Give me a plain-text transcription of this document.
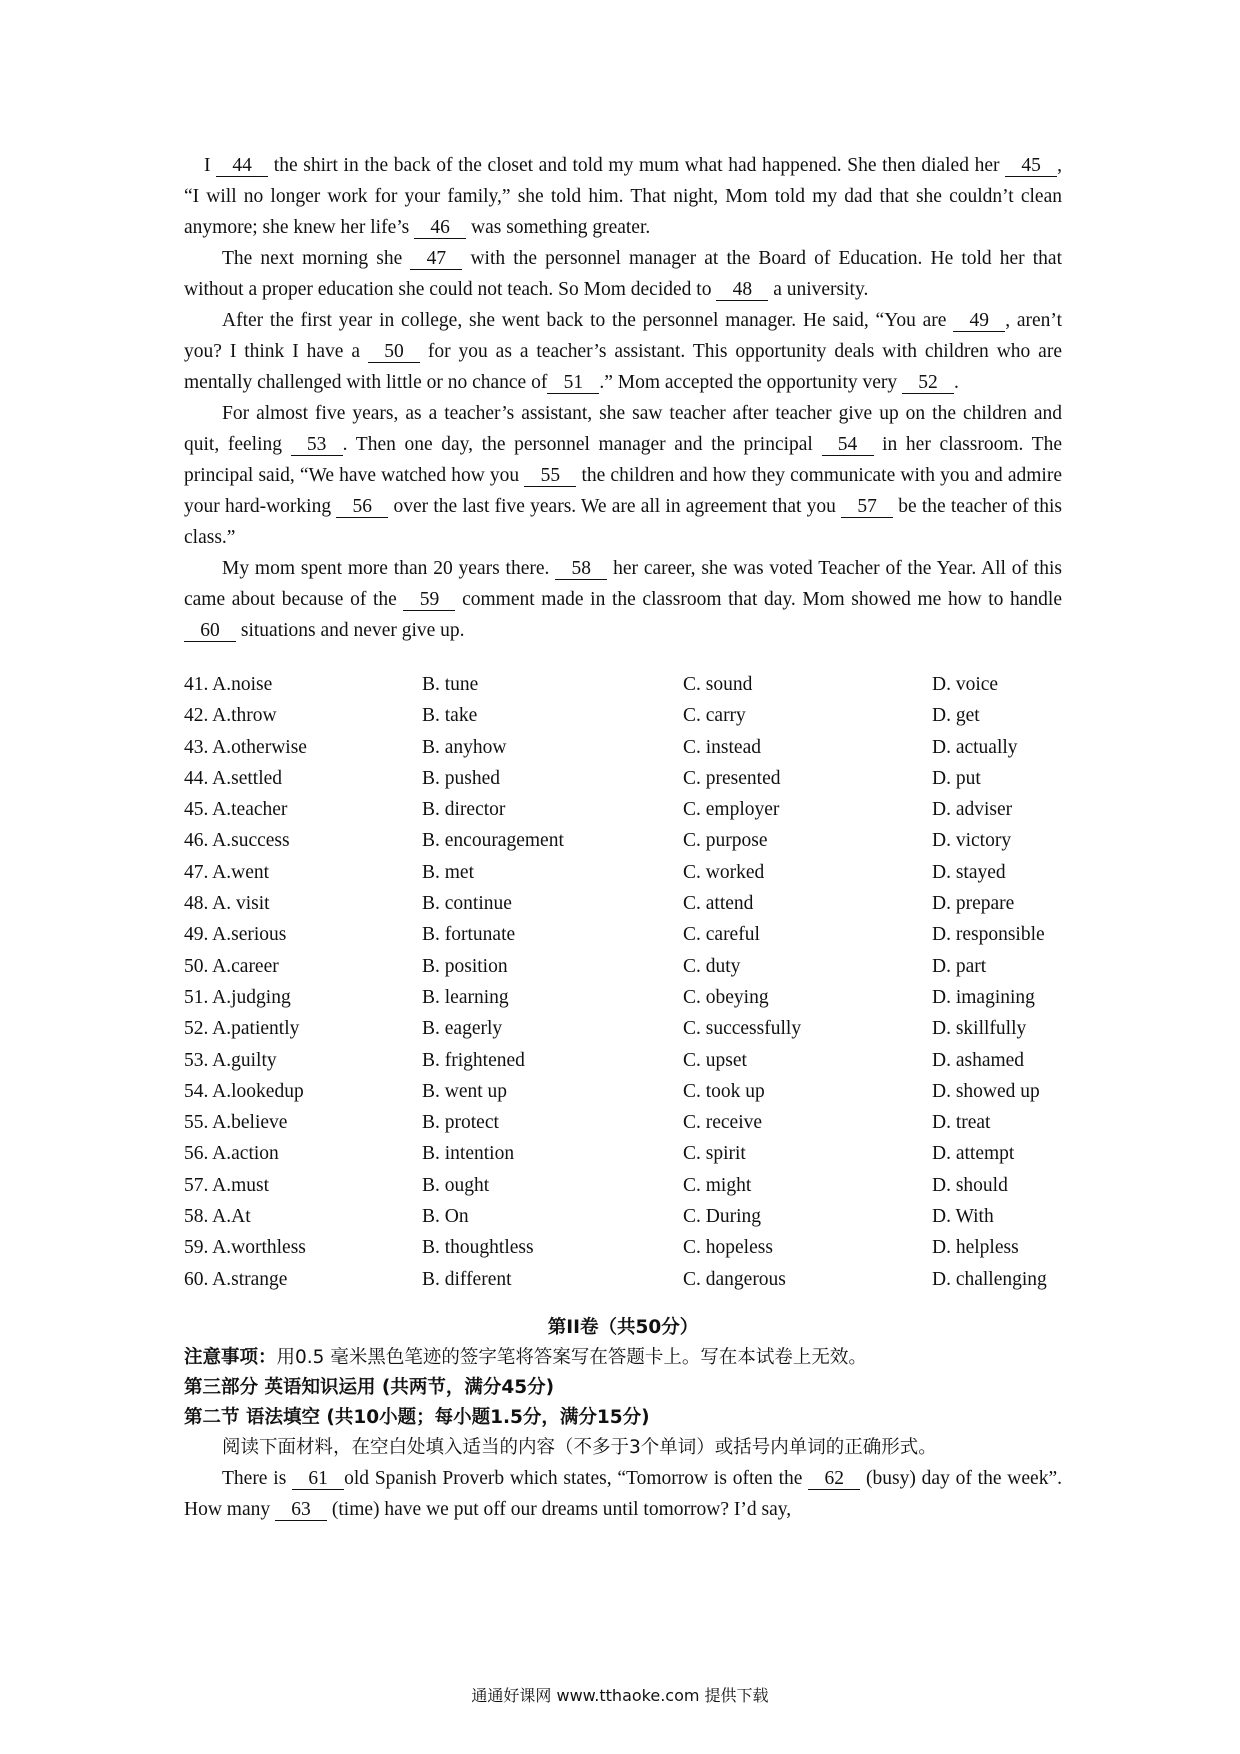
I 44 the shirt in the back of the closet and told my mum what had happened. She then dialed her 45 , “I will no longer work for your family,” she told him. That night, Mom told my dad that she couldn’t clean anymore; she knew her life’s 46 was something greater.

The next morning she 47 with the personnel manager at the Board of Education. He told her that without a proper education she could not teach. So Mom decided to 48 a university.

After the first year in college, she went back to the personnel manager. He said, “You are 49 , aren’t you? I think I have a 50 for you as a teacher’s assistant. This opportunity deals with children who are mentally challenged with little or no chance of 51 .” Mom accepted the opportunity very 52 .

For almost five years, as a teacher’s assistant, she saw teacher after teacher give up on the children and quit, feeling 53 . Then one day, the personnel manager and the principal 54 in her classroom. The principal said, “We have watched how you 55 the children and how they communicate with you and admire your hard-working 56 over the last five years. We are all in agreement that you 57 be the teacher of this class.”

My mom spent more than 20 years there. 58 her career, she was voted Teacher of the Year. All of this came about because of the 59 comment made in the classroom that day. Mom showed me how to handle 60 situations and never give up.

41. A.noise	B. tune	C. sound	D. voice
42. A.throw	B. take	C. carry	D. get
43. A.otherwise	B. anyhow	C. instead	D. actually
44. A.settled	B. pushed	C. presented	D. put
45. A.teacher	B. director	C. employer	D. adviser
46. A.success	B. encouragement	C. purpose	D. victory
47. A.went	B. met	C. worked	D. stayed
48. A. visit	B. continue	C. attend	D. prepare
49. A.serious	B. fortunate	C. careful	D. responsible
50. A.career	B. position	C. duty	D. part
51. A.judging	B. learning	C. obeying	D. imagining
52. A.patiently	B. eagerly	C. successfully	D. skillfully
53. A.guilty	B. frightened	C. upset	D. ashamed
54. A.lookedup	B. went up	C. took up	D. showed up
55. A.believe	B. protect	C. receive	D. treat
56. A.action	B. intention	C. spirit	D. attempt
57. A.must	B. ought	C. might	D. should
58. A.At	B. On	C. During	D. With
59. A.worthless	B. thoughtless	C. hopeless	D. helpless
60. A.strange	B. different	C. dangerous	D. challenging
第II卷（共50分）

注意事项：用0.5 毫米黑色笔迹的签字笔将答案写在答题卡上。写在本试卷上无效。

第三部分 英语知识运用 (共两节，满分45分)

第二节 语法填空 (共10小题；每小题1.5分，满分15分)

阅读下面材料，在空白处填入适当的内容（不多于3个单词）或括号内单词的正确形式。

There is 61 old Spanish Proverb which states, “Tomorrow is often the 62 (busy) day of the week”. How many 63 (time) have we put off our dreams until tomorrow? I’d say,

通通好课网 www.tthaoke.com 提供下载
